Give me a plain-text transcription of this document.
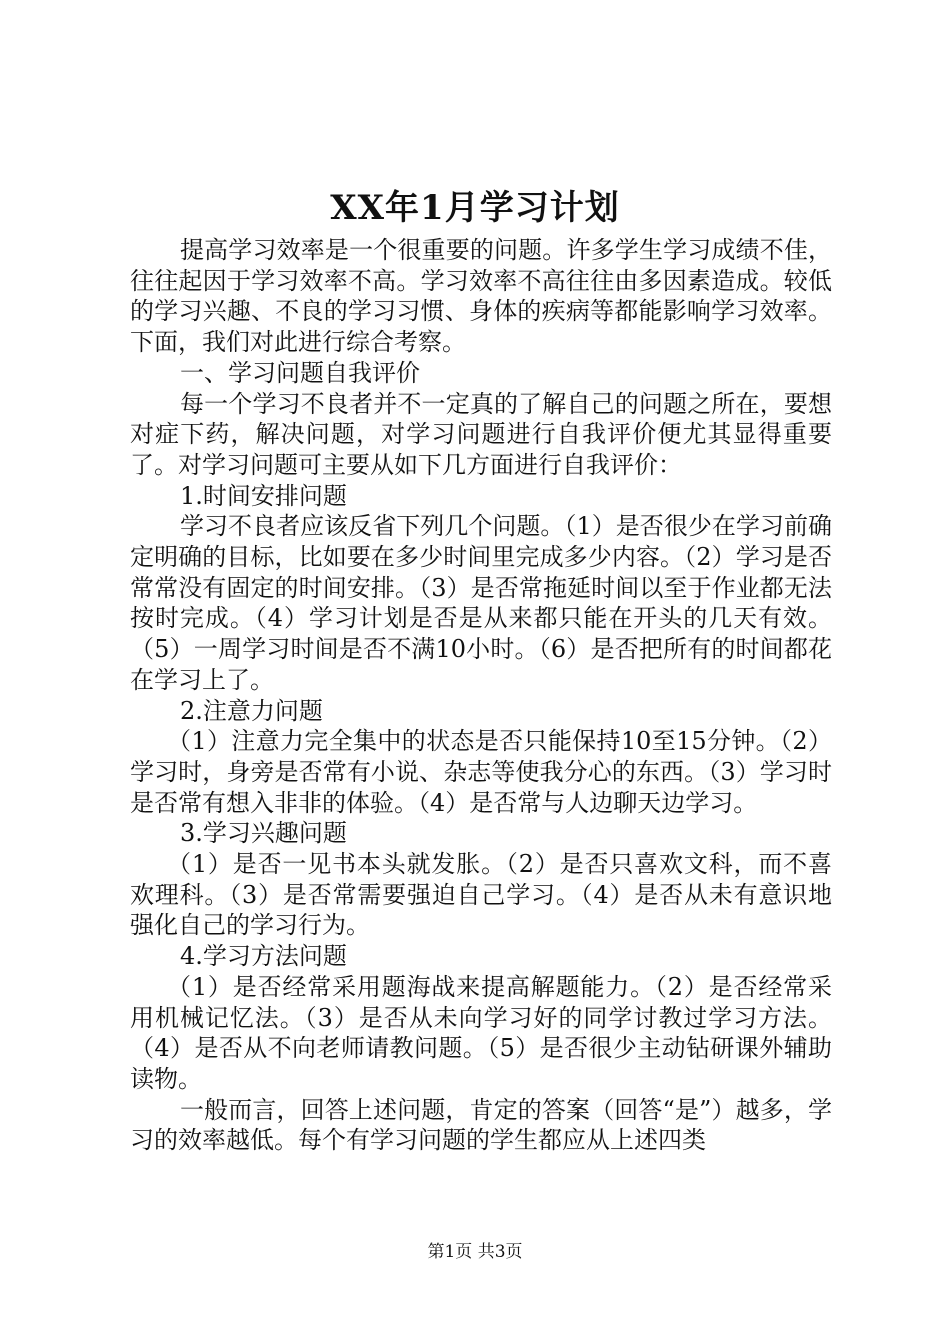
XX年1月学习计划

提高学习效率是一个很重要的问题。许多学生学习成绩不佳，往往起因于学习效率不高。学习效率不高往往由多因素造成。较低的学习兴趣、不良的学习习惯、身体的疾病等都能影响学习效率。下面，我们对此进行综合考察。

一、学习问题自我评价

每一个学习不良者并不一定真的了解自己的问题之所在，要想对症下药，解决问题，对学习问题进行自我评价便尤其显得重要了。对学习问题可主要从如下几方面进行自我评价：

1.时间安排问题

学习不良者应该反省下列几个问题。（1）是否很少在学习前确定明确的目标，比如要在多少时间里完成多少内容。（2）学习是否常常没有固定的时间安排。（3）是否常拖延时间以至于作业都无法按时完成。（4）学习计划是否是从来都只能在开头的几天有效。（5）一周学习时间是否不满10小时。（6）是否把所有的时间都花在学习上了。

2.注意力问题

（1）注意力完全集中的状态是否只能保持10至15分钟。（2）学习时，身旁是否常有小说、杂志等使我分心的东西。（3）学习时是否常有想入非非的体验。（4）是否常与人边聊天边学习。

3.学习兴趣问题

（1）是否一见书本头就发胀。（2）是否只喜欢文科，而不喜欢理科。（3）是否常需要强迫自己学习。（4）是否从未有意识地强化自己的学习行为。

4.学习方法问题

（1）是否经常采用题海战来提高解题能力。（2）是否经常采用机械记忆法。（3）是否从未向学习好的同学讨教过学习方法。（4）是否从不向老师请教问题。（5）是否很少主动钻研课外辅助读物。

一般而言，回答上述问题，肯定的答案（回答“是”）越多，学习的效率越低。每个有学习问题的学生都应从上述四类

第1页 共3页
